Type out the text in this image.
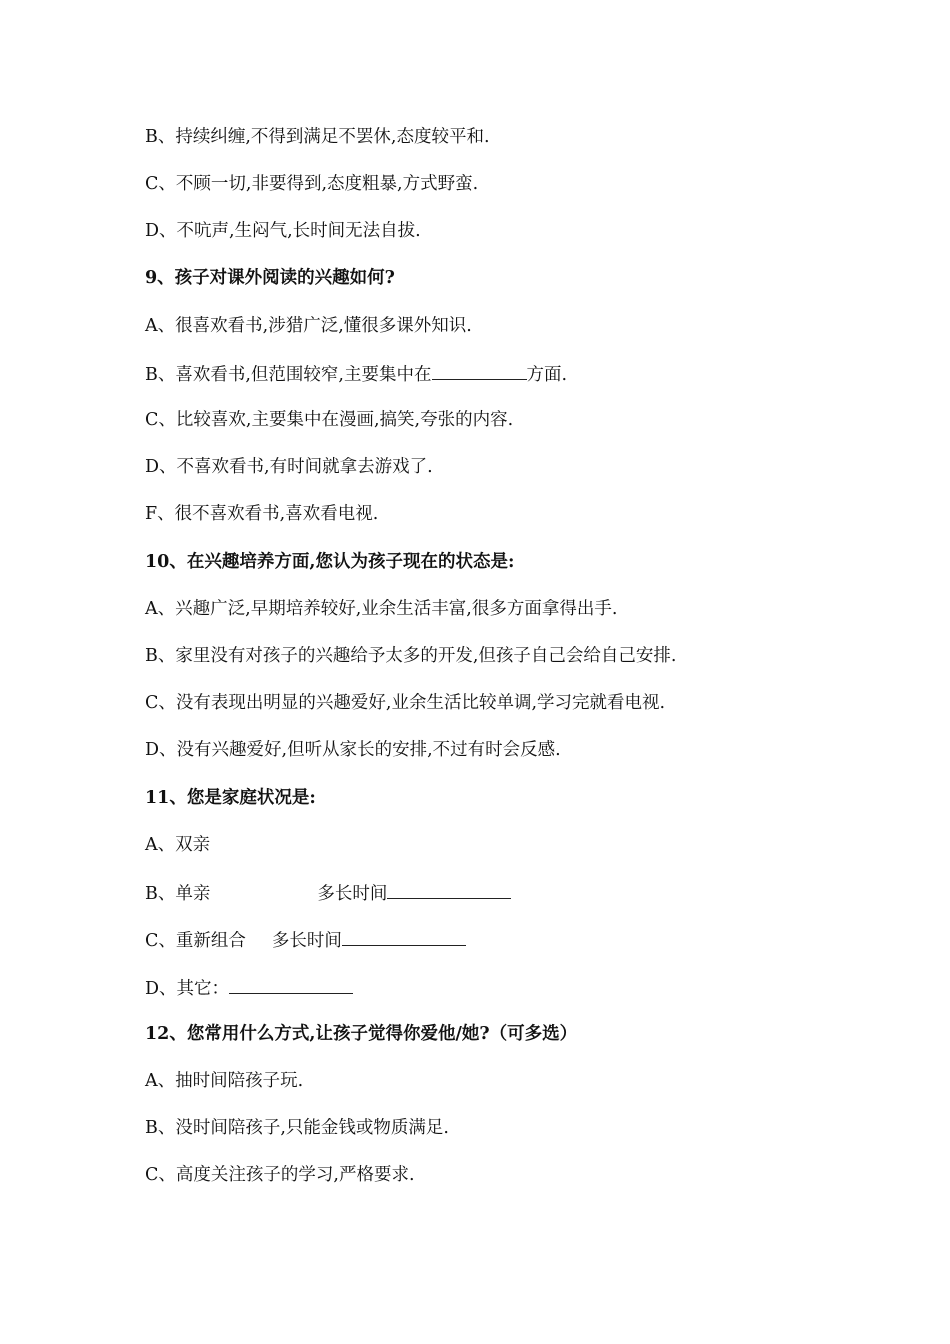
B、持续纠缠,不得到满足不罢休,态度较平和.
C、不顾一切,非要得到,态度粗暴,方式野蛮.
D、不吭声,生闷气,长时间无法自拔.
9、孩子对课外阅读的兴趣如何?
A、很喜欢看书,涉猎广泛,懂很多课外知识.
B、喜欢看书,但范围较窄,主要集中在	方面.
C、比较喜欢,主要集中在漫画,搞笑,夸张的内容.
D、不喜欢看书,有时间就拿去游戏了.
F、很不喜欢看书,喜欢看电视.
10、在兴趣培养方面,您认为孩子现在的状态是:
A、兴趣广泛,早期培养较好,业余生活丰富,很多方面拿得出手.
B、家里没有对孩子的兴趣给予太多的开发,但孩子自己会给自己安排.
C、没有表现出明显的兴趣爱好,业余生活比较单调,学习完就看电视.
D、没有兴趣爱好,但听从家长的安排,不过有时会反感.
11、您是家庭状况是:
A、双亲
B、单亲	多长时间
C、重新组合 多长时间
D、其它：
12、您常用什么方式,让孩子觉得你爱他/她?（可多选）
A、抽时间陪孩子玩.
B、没时间陪孩子,只能金钱或物质满足.
C、高度关注孩子的学习,严格要求.
